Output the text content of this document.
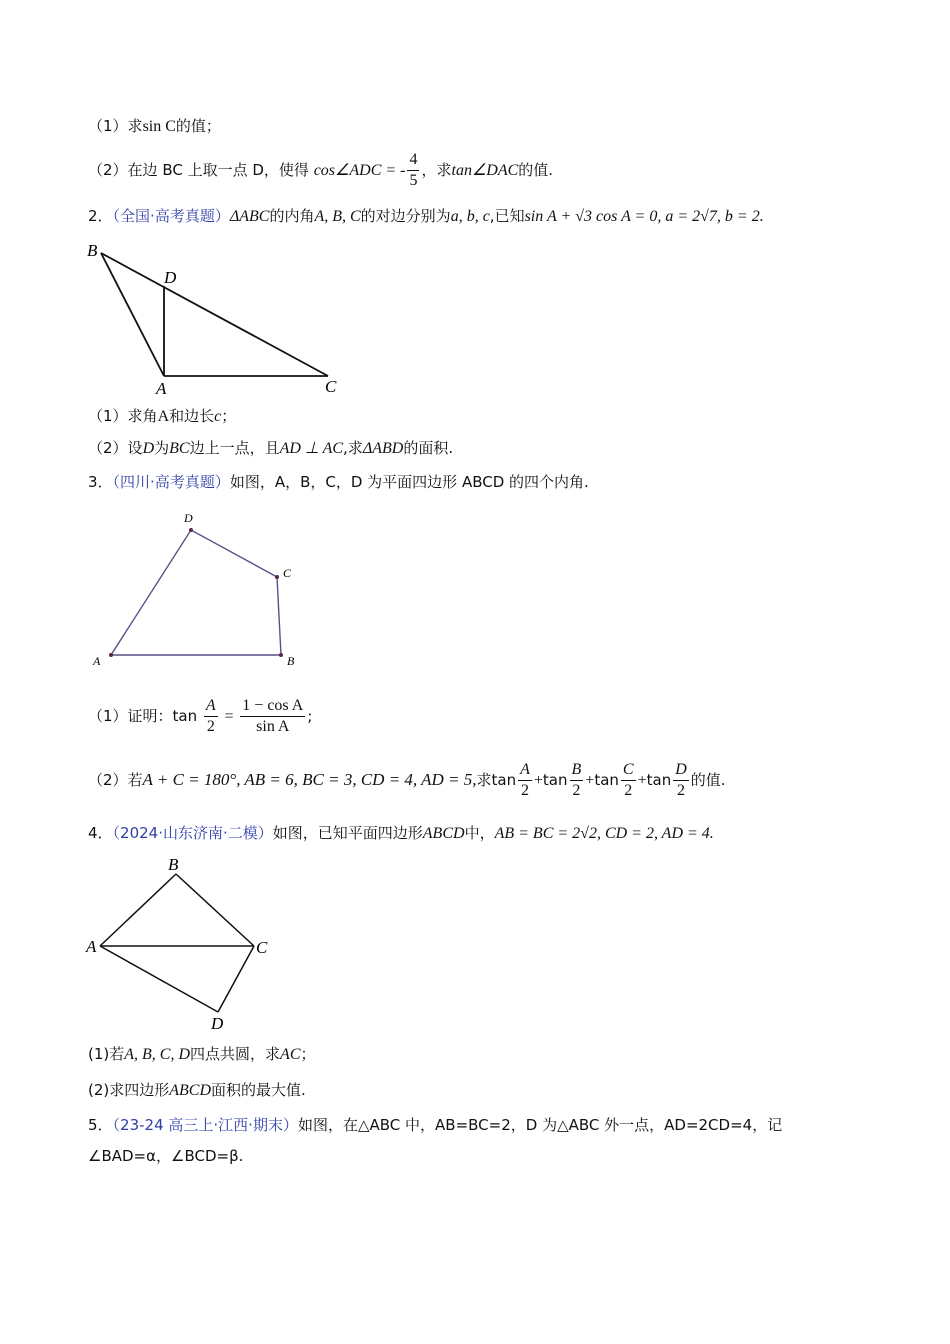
（1）求sin C的值；
（2）在边 BC 上取一点 D，使得 cos∠ADC = - $\frac{4}{5}$ ，求tan∠DAC的值.
2．（全国·高考真题）ΔABC的内角A, B, C的对边分别为a, b, c,已知sin A + √3 cos A = 0, a = 2√7, b = 2.
B
D
A	C
（1）求角A和边长c；
（2）设D为BC边上一点，且AD ⊥ AC,求ΔABD的面积.
3．（四川·高考真题）如图，A，B，C，D 为平面四边形 ABCD 的四个内角.
A	B
C
D
（1）证明：$\tan \frac{A}{2} = \frac{\text{1 − cos A}}{\text{sin A}}$ ;
（2）若A + C = 180°, AB = 6, BC = 3, CD = 4, AD = 5,求$\tan \frac{A}{2} +\tan \frac{B}{2} +\tan \frac{C}{2} +\tan \frac{D}{2}$ 的值.
4．（2024·山东济南·二模）如图，已知平面四边形ABCD中，AB = BC = 2√2, CD = 2, AD = 4.
B
A	C
D
(1)若A, B, C, D四点共圆，求AC；
(2)求四边形ABCD面积的最大值.
5．（23-24 高三上·江西·期末）如图，在△ABC 中，AB=BC=2，D 为△ABC 外一点，AD=2CD=4，记
∠BAD=α，∠BCD=β.
